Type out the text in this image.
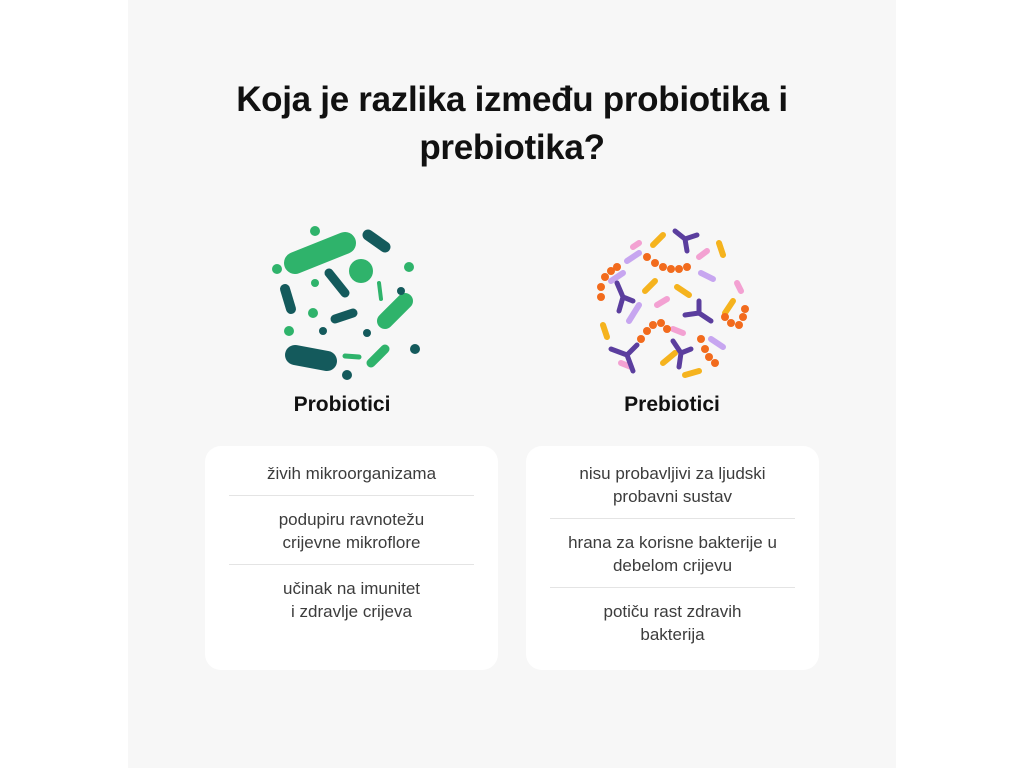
Koja je razlika između probiotika i
prebiotika?
Probiotici	Prebiotici
živih mikroorganizama
podupiru ravnotežu
crijevne mikroflore
učinak na imunitet
i zdravlje crijeva
nisu probavljivi za ljudski
probavni sustav
hrana za korisne bakterije u
debelom crijevu
potiču rast zdravih
bakterija
